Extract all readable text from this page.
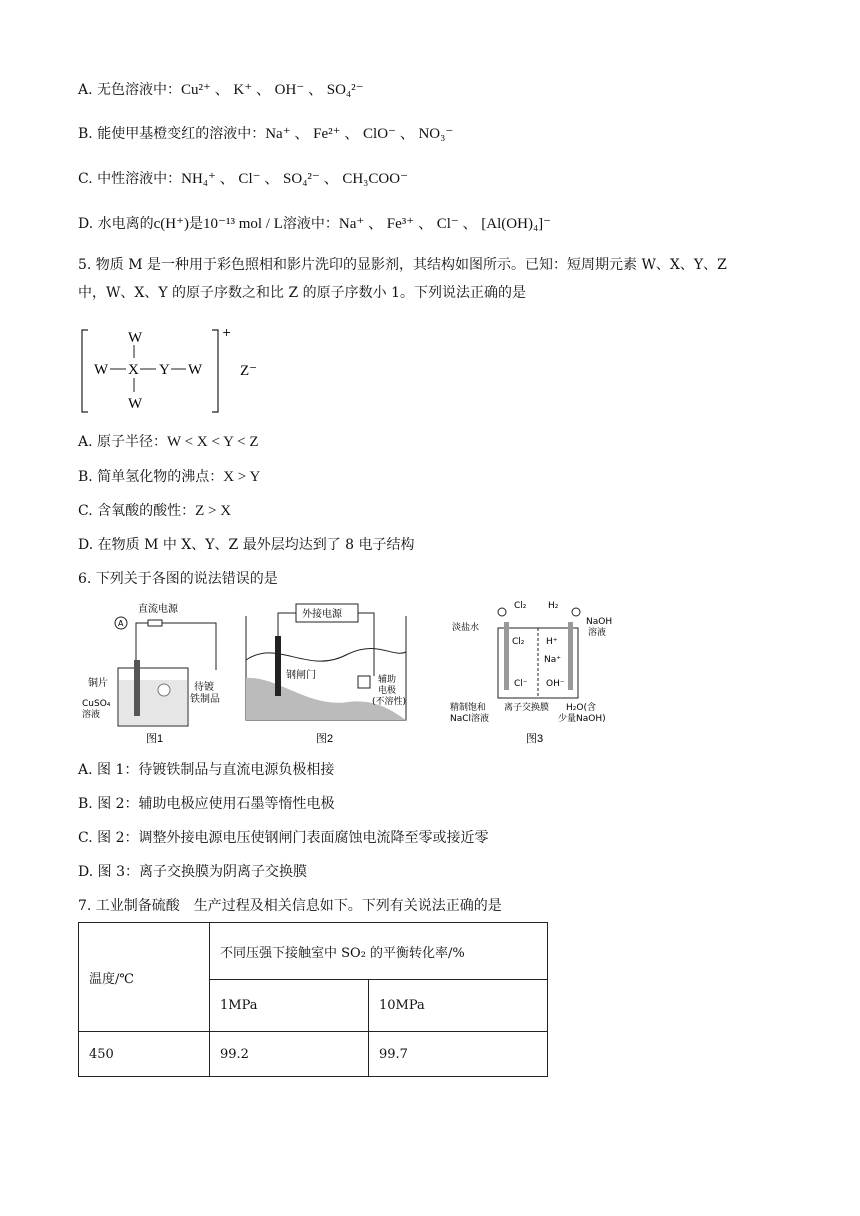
A. 无色溶液中：Cu²⁺ 、 K⁺ 、 OH⁻ 、 SO₄²⁻
B. 能使甲基橙变红的溶液中：Na⁺ 、 Fe²⁺ 、 ClO⁻ 、 NO₃⁻
C. 中性溶液中：NH₄⁺ 、 Cl⁻ 、 SO₄²⁻ 、 CH₃COO⁻
D. 水电离的c(H⁺)是10⁻¹³ mol / L溶液中：Na⁺ 、 Fe³⁺ 、 Cl⁻ 、 [Al(OH)₄]⁻
5. 物质 M 是一种用于彩色照相和影片洗印的显影剂，其结构如图所示。已知：短周期元素 W、X、Y、Z
中，W、X、Y 的原子序数之和比 Z 的原子序数小 1。下列说法正确的是
W
W X Y W
W
+
Z⁻
A. 原子半径：W < X < Y < Z
B. 简单氢化物的沸点：X > Y
C. 含氧酸的酸性：Z > X
D. 在物质 M 中 X、Y、Z 最外层均达到了 8 电子结构
6. 下列关于各图的说法错误的是
A
直流电源
铜片
CuSO₄ 溶液
待镀铁制品
图1
外接电源
钢闸门	辅助电极(不溶性)
图2
Cl₂ H₂
淡盐水
NaOH 溶液
Cl₂ H⁺
Na⁺
Cl⁻ OH⁻
精制饱和 NaCl溶液
离子交换膜	H₂O(含少量NaOH)
图3
A. 图 1：待镀铁制品与直流电源负极相接
B. 图 2：辅助电极应使用石墨等惰性电极
C. 图 2：调整外接电源电压使钢闸门表面腐蚀电流降至零或接近零
D. 图 3：离子交换膜为阴离子交换膜
7. 工业制备硫酸　生产过程及相关信息如下。下列有关说法正确的是
温度/℃	不同压强下接触室中 SO₂ 的平衡转化率/%	
	1MPa	10MPa
450	99.2	99.7
